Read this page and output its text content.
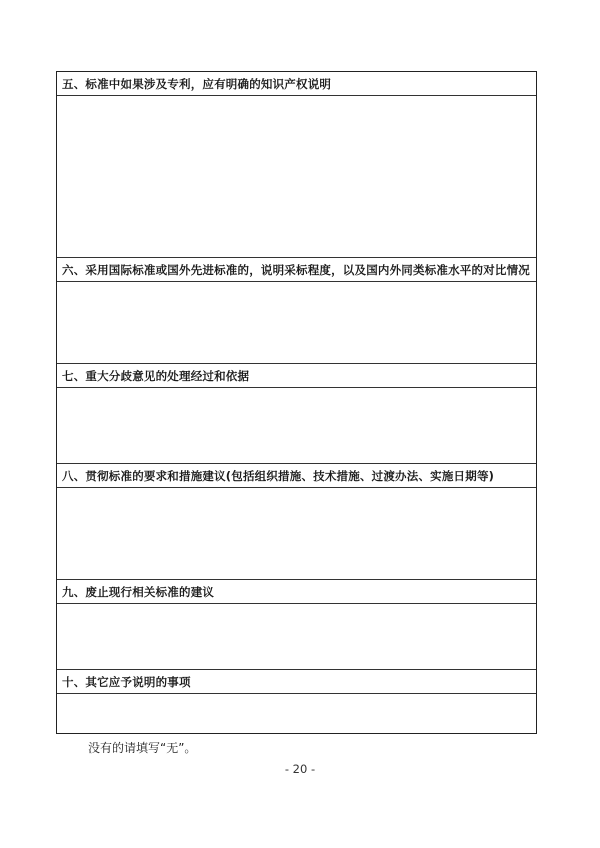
五、标准中如果涉及专利，应有明确的知识产权说明
六、采用国际标准或国外先进标准的，说明采标程度，以及国内外同类标准水平的对比情况
七、重大分歧意见的处理经过和依据
八、贯彻标准的要求和措施建议(包括组织措施、技术措施、过渡办法、实施日期等)
九、废止现行相关标准的建议
十、其它应予说明的事项
没有的请填写“无”。
- 20 -
